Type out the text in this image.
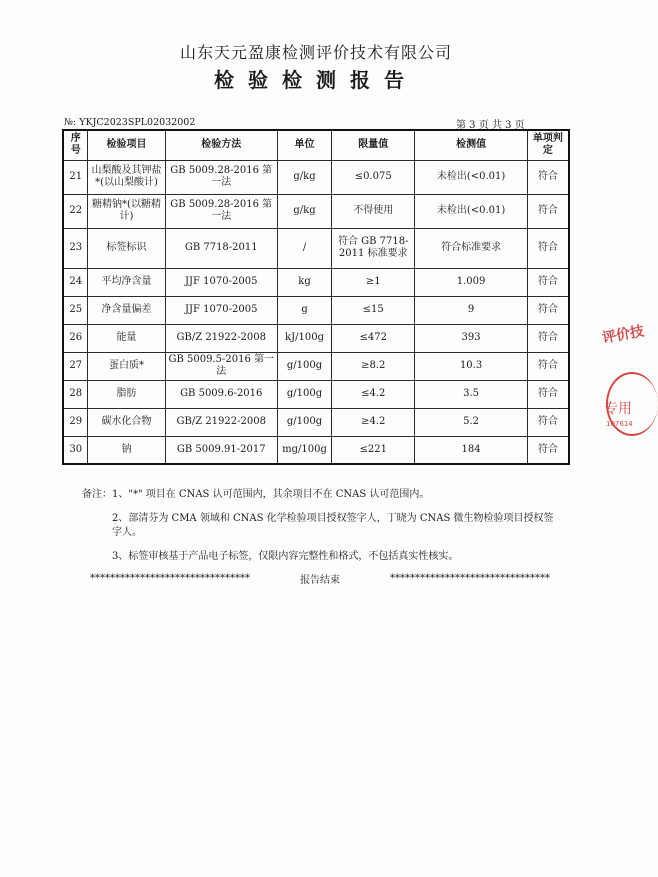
山东天元盈康检测评价技术有限公司
检验检测报告
№: YKJC2023SPL02032002	第 3 页 共 3 页
序号	检验项目	检验方法	单位	限量值	检测值	单项判定
21	山梨酸及其钾盐*(以山梨酸计)	GB 5009.28-2016 第一法	g/kg	≤0.075	未检出(<0.01)	符合
22	糖精钠*(以糖精计)	GB 5009.28-2016 第一法	g/kg	不得使用	未检出(<0.01)	符合
23	标签标识	GB 7718-2011	/	符合 GB 7718-2011 标准要求	符合标准要求	符合
24	平均净含量	JJF 1070-2005	kg	≥1	1.009	符合
25	净含量偏差	JJF 1070-2005	g	≤15	9	符合
26	能量	GB/Z 21922-2008	kJ/100g	≤472	393	符合
27	蛋白质*	GB 5009.5-2016 第一法	g/100g	≥8.2	10.3	符合
28	脂肪	GB 5009.6-2016	g/100g	≤4.2	3.5	符合
29	碳水化合物	GB/Z 21922-2008	g/100g	≥4.2	5.2	符合
30	钠	GB 5009.91-2017	mg/100g	≤221	184	符合

备注：1、"*" 项目在 CNAS 认可范围内，其余项目不在 CNAS 认可范围内。

2、部清芬为 CMA 领域和 CNAS 化学检验项目授权签字人，丁晓为 CNAS 微生物检验项目授权签字人。

3、标签审核基于产品电子标签，仅限内容完整性和格式，不包括真实性核实。

********************************	报告结束	********************************
评价技
专用
107614
